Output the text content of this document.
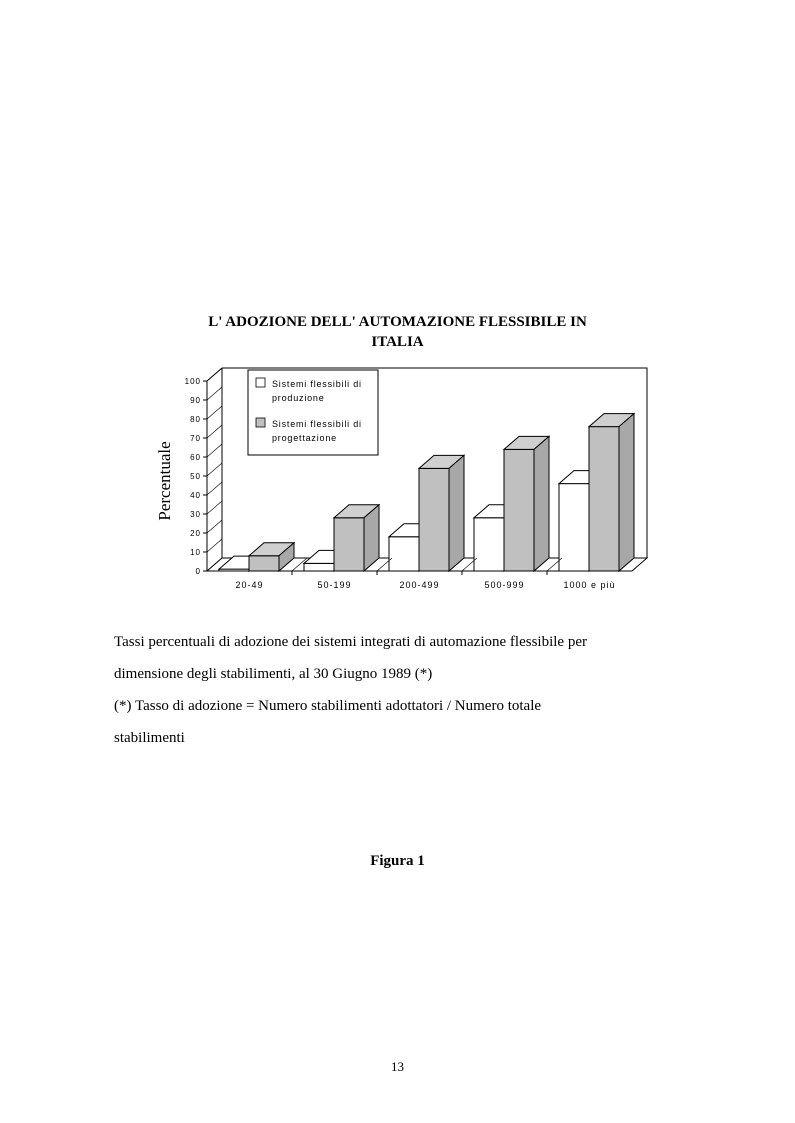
L' ADOZIONE DELL' AUTOMAZIONE FLESSIBILE IN
ITALIA
0
10
20
30
40
50
60
70
80
90
100
20-49	50-199	200-499	500-999	1000 e più
Percentuale
Sistemi flessibili di
produzione
Sistemi flessibili di
progettazione

Tassi percentuali di adozione dei sistemi integrati di automazione flessibile per

dimensione degli stabilimenti, al 30 Giugno 1989 (*)

(*) Tasso di adozione = Numero stabilimenti adottatori / Numero totale

stabilimenti

Figura 1
13
